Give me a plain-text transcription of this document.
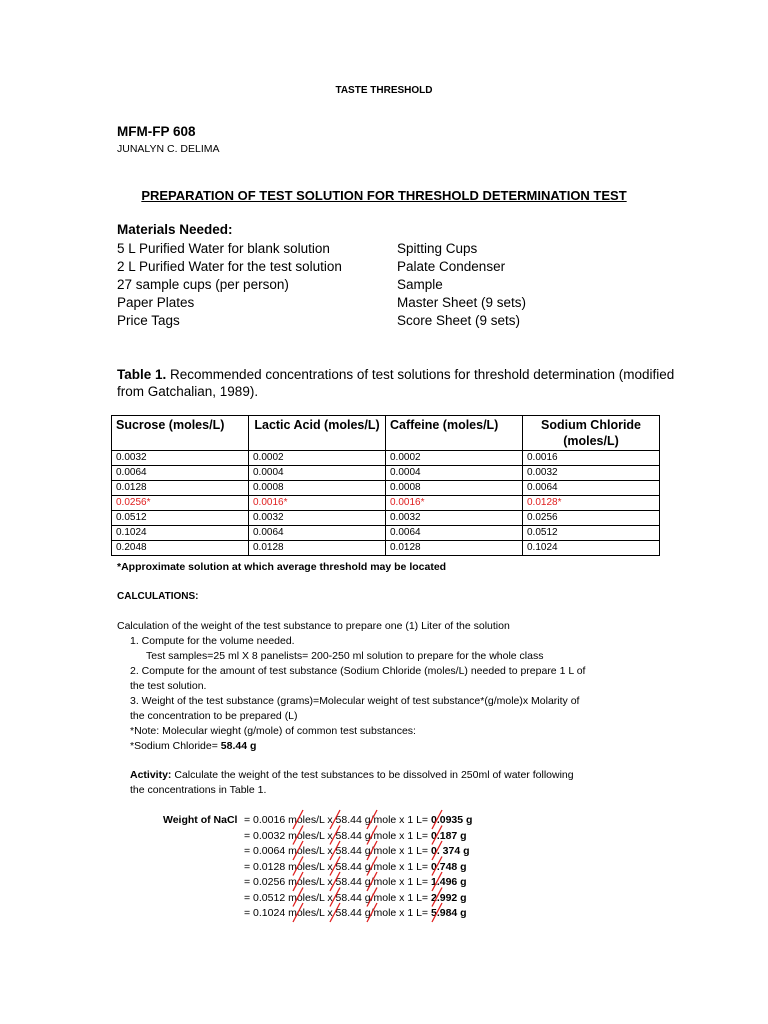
TASTE THRESHOLD
MFM-FP 608
JUNALYN C. DELIMA
PREPARATION OF TEST SOLUTION FOR THRESHOLD DETERMINATION TEST
Materials Needed:
5 L Purified Water for blank solution
2 L Purified Water for the test solution
27 sample cups (per person)
Paper Plates
Price Tags
Spitting Cups
Palate Condenser
Sample
Master Sheet (9 sets)
Score Sheet (9 sets)
Table 1. Recommended concentrations of test solutions for threshold determination (modified from Gatchalian, 1989).
Sucrose (moles/L)	Lactic Acid (moles/L)	Caffeine (moles/L)	Sodium Chloride (moles/L)
0.0032	0.0002	0.0002	0.0016
0.0064	0.0004	0.0004	0.0032
0.0128	0.0008	0.0008	0.0064
0.0256*	0.0016*	0.0016*	0.0128*
0.0512	0.0032	0.0032	0.0256
0.1024	0.0064	0.0064	0.0512
0.2048	0.0128	0.0128	0.1024
*Approximate solution at which average threshold may be located
CALCULATIONS:
Calculation of the weight of the test substance to prepare one (1) Liter of the solution
1. Compute for the volume needed.
Test samples=25 ml X 8 panelists= 200-250 ml solution to prepare for the whole class
2. Compute for the amount of test substance (Sodium Chloride (moles/L) needed to prepare 1 L of
the test solution.
3. Weight of the test substance (grams)=Molecular weight of test substance*(g/mole)x Molarity of
the concentration to be prepared (L)
*Note: Molecular wieght (g/mole) of common test substances:
*Sodium Chloride= 58.44 g
Activity: Calculate the weight of the test substances to be dissolved in 250ml of water following
the concentrations in Table 1.
Weight of NaCl = 0.0016 moles/L x 58.44 g/mole x 1 L= 0.0935 g
= 0.0032 moles/L x 58.44 g/mole x 1 L= 0.187 g
= 0.0064 moles/L x 58.44 g/mole x 1 L= 0. 374 g
= 0.0128 moles/L x 58.44 g/mole x 1 L= 0.748 g
= 0.0256 moles/L x 58.44 g/mole x 1 L= 1.496 g
= 0.0512 moles/L x 58.44 g/mole x 1 L= 2.992 g
= 0.1024 moles/L x 58.44 g/mole x 1 L= 5.984 g
